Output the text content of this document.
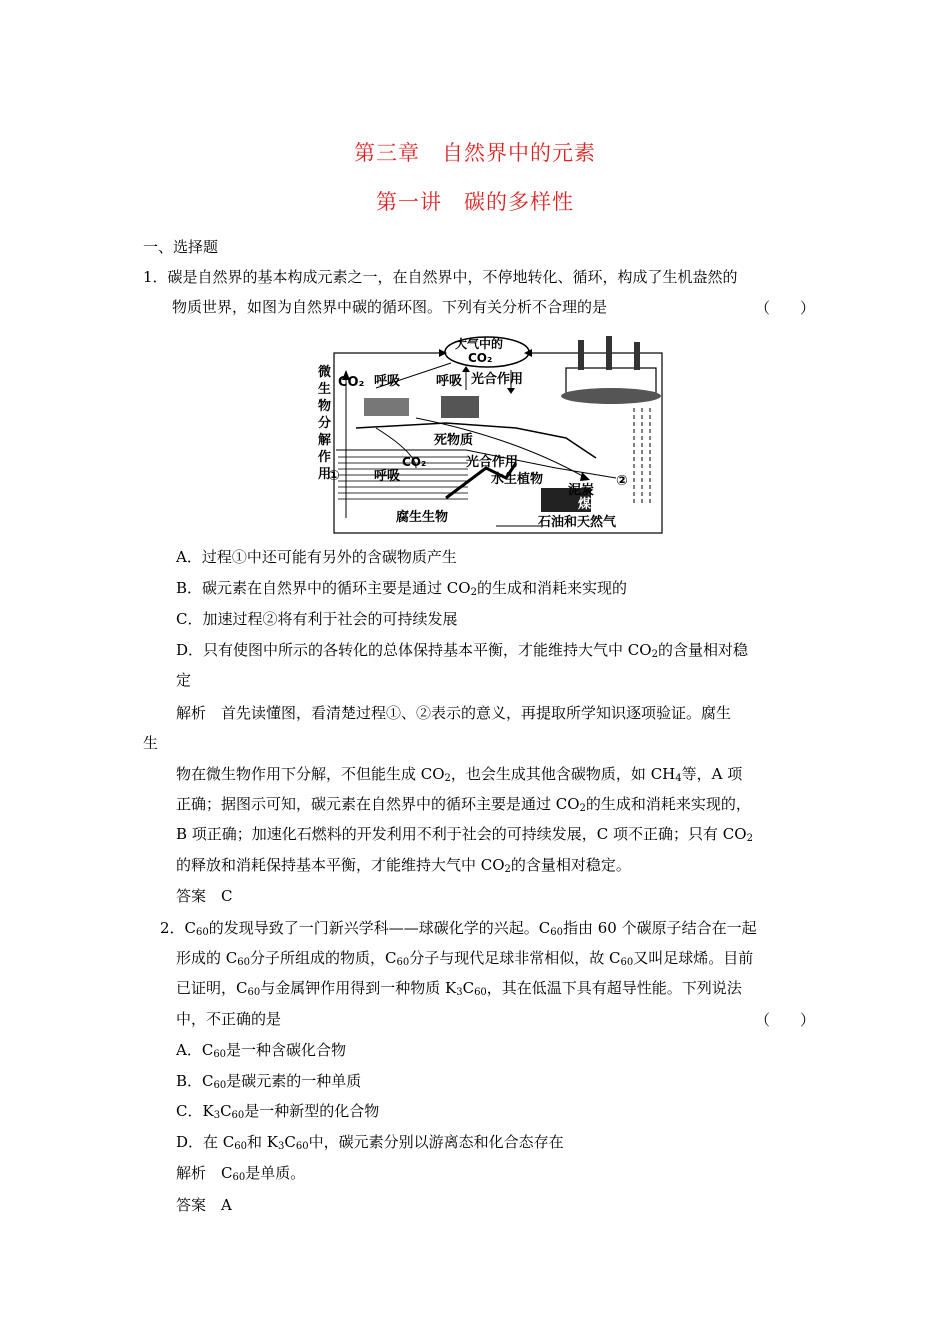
第三章　自然界中的元素
第一讲　碳的多样性
一、选择题
1．碳是自然界的基本构成元素之一，在自然界中，不停地转化、循环，构成了生机盎然的
物质世界，如图为自然界中碳的循环图。下列有关分析不合理的是	（　　）
大气中的
CO₂
CO₂
微
生
物
分
解
作
用
呼吸	呼吸 光合作用
死物质
①	呼吸
CO₂	光合作用
水生植物
泥炭
煤
②
腐生生物	石油和天然气
A．过程①中还可能有另外的含碳物质产生
B．碳元素在自然界中的循环主要是通过 $CO_2$的生成和消耗来实现的
C．加速过程②将有利于社会的可持续发展
D．只有使图中所示的各转化的总体保持基本平衡，才能维持大气中 $CO_2$的含量相对稳
定
解析　首先读懂图，看清楚过程①、②表示的意义，再提取所学知识逐项验证。腐生
生
物在微生物作用下分解，不但能生成 $CO_2$，也会生成其他含碳物质，如 $CH_4$等，A 项
正确；据图示可知，碳元素在自然界中的循环主要是通过 $CO_2$的生成和消耗来实现的，
B 项正确；加速化石燃料的开发利用不利于社会的可持续发展，C 项不正确；只有 $CO_2$
的释放和消耗保持基本平衡，才能维持大气中 $CO_2$的含量相对稳定。
答案　C
2．$C_{60}$的发现导致了一门新兴学科——球碳化学的兴起。$C_{60}$指由 60 个碳原子结合在一起
形成的 $C_{60}$分子所组成的物质，$C_{60}$分子与现代足球非常相似，故 $C_{60}$又叫足球烯。目前
已证明，$C_{60}$与金属钾作用得到一种物质 $K_3C_{60}$，其在低温下具有超导性能。下列说法
中，不正确的是	（　　）
A．$C_{60}$是一种含碳化合物
B．$C_{60}$是碳元素的一种单质
C．$K_3C_{60}$是一种新型的化合物
D．在 $C_{60}$和 $K_3C_{60}$中，碳元素分别以游离态和化合态存在
解析　$C_{60}$是单质。
答案　A
